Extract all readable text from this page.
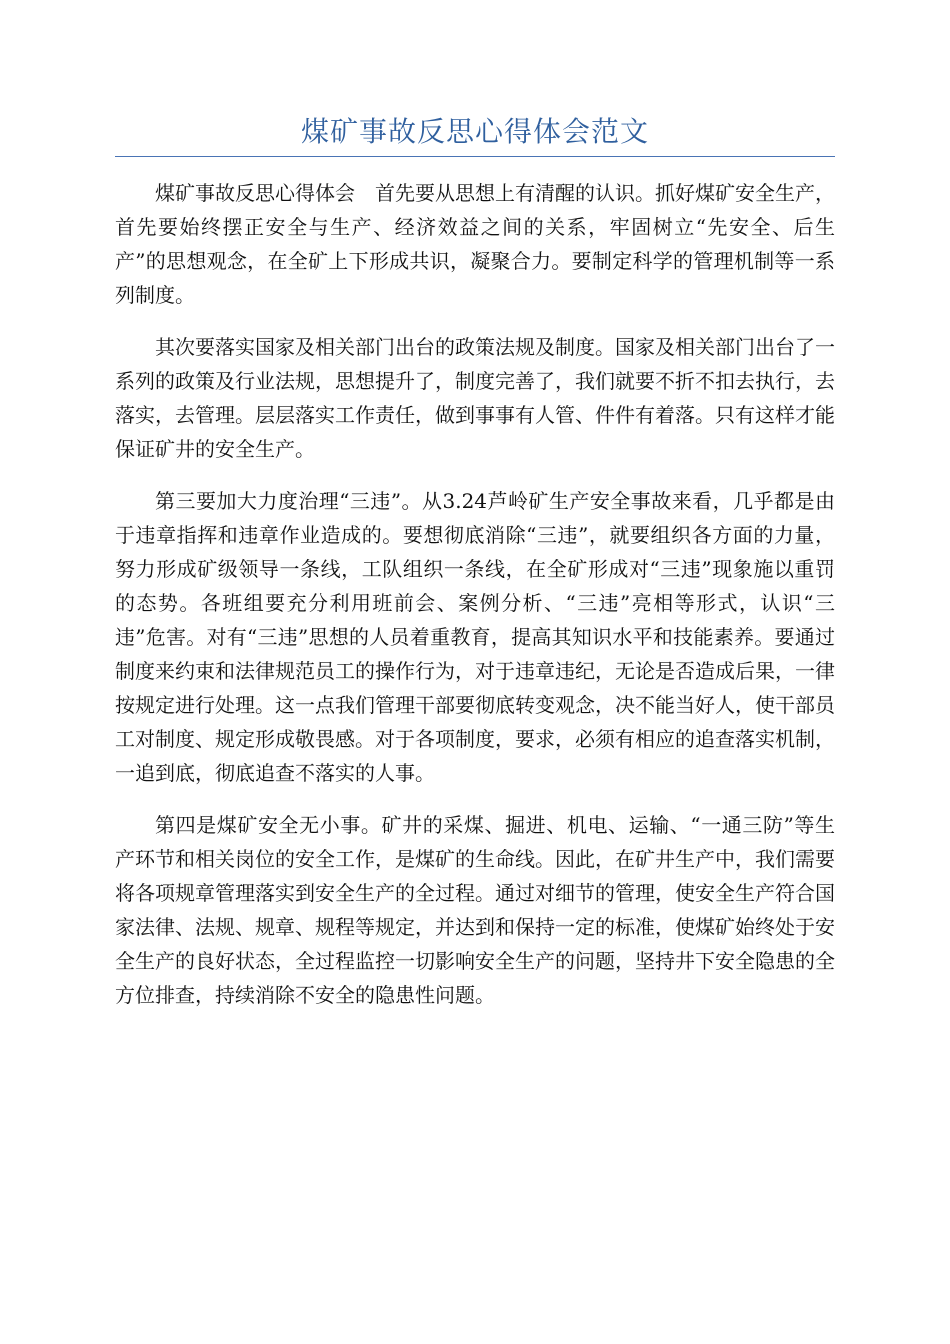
煤矿事故反思心得体会范文

煤矿事故反思心得体会　首先要从思想上有清醒的认识。抓好煤矿安全生产，首先要始终摆正安全与生产、经济效益之间的关系，牢固树立“先安全、后生产”的思想观念，在全矿上下形成共识，凝聚合力。要制定科学的管理机制等一系列制度。

其次要落实国家及相关部门出台的政策法规及制度。国家及相关部门出台了一系列的政策及行业法规，思想提升了，制度完善了，我们就要不折不扣去执行，去落实，去管理。层层落实工作责任，做到事事有人管、件件有着落。只有这样才能保证矿井的安全生产。

第三要加大力度治理“三违”。从3.24芦岭矿生产安全事故来看，几乎都是由于违章指挥和违章作业造成的。要想彻底消除“三违”，就要组织各方面的力量，努力形成矿级领导一条线，工队组织一条线，在全矿形成对“三违”现象施以重罚的态势。各班组要充分利用班前会、案例分析、“三违”亮相等形式，认识“三违”危害。对有“三违”思想的人员着重教育，提高其知识水平和技能素养。要通过制度来约束和法律规范员工的操作行为，对于违章违纪，无论是否造成后果，一律按规定进行处理。这一点我们管理干部要彻底转变观念，决不能当好人，使干部员工对制度、规定形成敬畏感。对于各项制度，要求，必须有相应的追查落实机制，一追到底，彻底追查不落实的人事。

第四是煤矿安全无小事。矿井的采煤、掘进、机电、运输、“一通三防”等生产环节和相关岗位的安全工作，是煤矿的生命线。因此，在矿井生产中，我们需要将各项规章管理落实到安全生产的全过程。通过对细节的管理，使安全生产符合国家法律、法规、规章、规程等规定，并达到和保持一定的标准，使煤矿始终处于安全生产的良好状态，全过程监控一切影响安全生产的问题，坚持井下安全隐患的全方位排查，持续消除不安全的隐患性问题。
